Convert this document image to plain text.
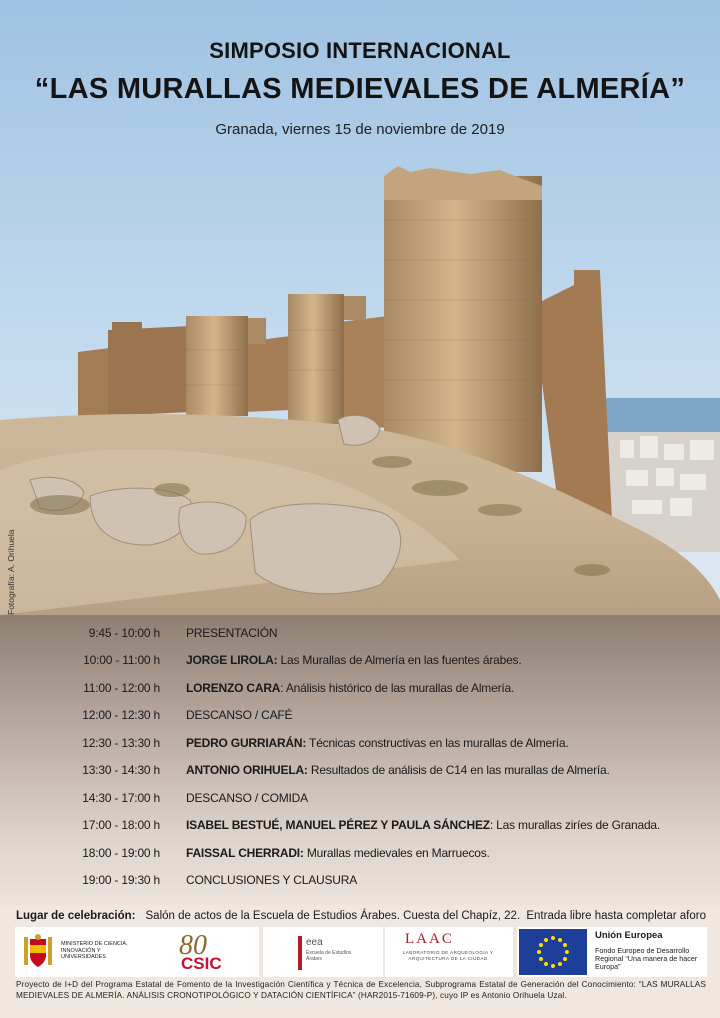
SIMPOSIO INTERNACIONAL
“LAS MURALLAS MEDIEVALES DE ALMERÍA”
Granada, viernes 15 de noviembre de 2019
Fotografía: A. Orihuela
9:45 - 10:00 h PRESENTACIÓN
10:00 - 11:00 h JORGE LIROLA: Las Murallas de Almería en las fuentes árabes.
11:00 - 12:00 h LORENZO CARA: Análisis histórico de las murallas de Almería.
12:00 - 12:30 h DESCANSO / CAFÉ
12:30 - 13:30 h PEDRO GURRIARÁN: Técnicas constructivas en las murallas de Almería.
13:30 - 14:30 h ANTONIO ORIHUELA: Resultados de análisis de C14 en las murallas de Almería.
14:30 - 17:00 h DESCANSO / COMIDA
17:00 - 18:00 h ISABEL BESTUÉ, MANUEL PÉREZ Y PAULA SÁNCHEZ: Las murallas ziríes de Granada.
18:00 - 19:00 h FAISSAL CHERRADI: Murallas medievales en Marruecos.
19:00 - 19:30 h CONCLUSIONES Y CLAUSURA
Lugar de celebración: Salón de actos de la Escuela de Estudios Árabes. Cuesta del Chapíz, 22. Entrada libre hasta completar aforo
MINISTERIO DE CIENCIA, INNOVACIÓN Y UNIVERSIDADES	80
CSIC
eea
Escuela de Estudios Árabes
LAAC
LABORATORIO DE ARQUEOLOGÍA Y ARQUITECTURA DE LA CIUDAD
Unión Europea
Fondo Europeo de Desarrollo Regional “Una manera de hacer Europa”
Proyecto de I+D del Programa Estatal de Fomento de la Investigación Científica y Técnica de Excelencia, Subprograma Estatal de Generación del Conocimiento: “LAS MURALLAS MEDIEVALES DE ALMERÍA. ANÁLISIS CRONOTIPOLÓGICO Y DATACIÓN CIENTÍFICA” (HAR2015-71609-P), cuyo IP es Antonio Orihuela Uzal.
